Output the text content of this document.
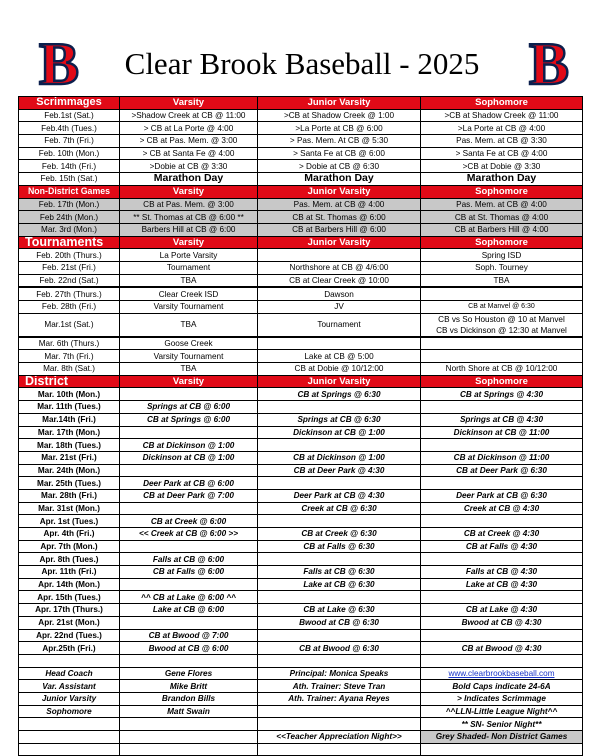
B	Clear Brook Baseball - 2025 B
Scrimmages	Varsity	Junior Varsity	Sophomore
Feb.1st (Sat.)	>Shadow Creek at CB @ 11:00	>CB at Shadow Creek @ 1:00	>CB at Shadow Creek @ 11:00
Feb.4th (Tues.)	> CB at La Porte @ 4:00	>La Porte at CB @ 6:00	>La Porte at CB @ 4:00
Feb. 7th (Fri.)	> CB at Pas. Mem. @ 3:00	> Pas. Mem. At CB @ 5:30	Pas. Mem. at CB @ 3:30
Feb. 10th (Mon.)	> CB at Santa Fe @ 4:00	> Santa Fe at CB @ 6:00	> Santa Fe at CB @ 4:00
Feb. 14th (Fri.)	>Dobie at CB @ 3:30	> Dobie at CB @ 6:30	>CB at Dobie @ 3:30
Feb. 15th (Sat.)	Marathon Day	Marathon Day	Marathon Day
Non-District Games	Varsity	Junior Varsity	Sophomore
Feb. 17th (Mon.)	CB at Pas. Mem. @ 3:00	Pas. Mem. at CB @ 4:00	Pas. Mem. at CB @ 4:00
Feb 24th (Mon.)	** St. Thomas at CB @ 6:00 **	CB at St. Thomas @ 6:00	CB at St. Thomas @ 4:00
Mar. 3rd (Mon.)	Barbers Hill at CB @ 6:00	CB at Barbers Hill @ 6:00	CB at Barbers Hill @ 4:00
Tournaments	Varsity	Junior Varsity	Sophomore
Feb. 20th (Thurs.)	La Porte Varsity		Spring ISD
Feb. 21st (Fri.)	Tournament	Northshore at CB @ 4/6:00	Soph. Tourney
Feb. 22nd (Sat.)	TBA	CB at Clear Creek @ 10:00	TBA
Feb. 27th (Thurs.)	Clear Creek ISD	Dawson	
Feb. 28th (Fri.)	Varsity Tournament	JV	CB at Manvel @ 6:30
Mar.1st (Sat.)	TBA	Tournament	CB vs So Houston @ 10 at Manvel
CB vs Dickinson @ 12:30 at Manvel

Mar. 6th (Thurs.)	Goose Creek		
Mar. 7th (Fri.)	Varsity Tournament	Lake at CB @ 5:00	
Mar. 8th (Sat.)	TBA	CB at Dobie @ 10/12:00	North Shore at CB @ 10/12:00
District	Varsity	Junior Varsity	Sophomore
Mar. 10th (Mon.)		CB at Springs @ 6:30	CB at Springs @ 4:30
Mar. 11th (Tues.)	Springs at CB @ 6:00		
Mar.14th (Fri.)	CB at Springs @ 6:00	Springs at CB @ 6:30	Springs at CB @ 4:30
Mar. 17th (Mon.)		Dickinson at CB @ 1:00	Dickinson at CB @ 11:00
Mar. 18th (Tues.)	CB at Dickinson @ 1:00		
Mar. 21st (Fri.)	Dickinson at CB @ 1:00	CB at Dickinson @ 1:00	CB at Dickinson @ 11:00
Mar. 24th (Mon.)		CB at Deer Park @ 4:30	CB at Deer Park @ 6:30
Mar. 25th (Tues.)	Deer Park at CB @ 6:00		
Mar. 28th (Fri.)	CB at Deer Park @ 7:00	Deer Park at CB @ 4:30	Deer Park at CB @ 6:30
Mar. 31st (Mon.)		Creek at CB @ 6:30	Creek at CB @ 4:30
Apr. 1st (Tues.)	CB at Creek @ 6:00		
Apr. 4th (Fri.)	<< Creek at CB @ 6:00 >>	CB at Creek @ 6:30	CB at Creek @ 4:30
Apr. 7th (Mon.)		CB at Falls @ 6:30	CB at Falls @ 4:30
Apr. 8th (Tues.)	Falls at CB @ 6:00		
Apr. 11th (Fri.)	CB at Falls @ 6:00	Falls at CB @ 6:30	Falls at CB @ 4:30
Apr. 14th (Mon.)		Lake at CB @ 6:30	Lake at CB @ 4:30
Apr. 15th (Tues.)	^^ CB at Lake @ 6:00 ^^		
Apr. 17th (Thurs.)	Lake at CB @ 6:00	CB at Lake @ 6:30	CB at Lake @ 4:30
Apr. 21st (Mon.)		Bwood at CB @ 6:30	Bwood at CB @ 4:30
Apr. 22nd (Tues.)	CB at Bwood @ 7:00		
Apr.25th (Fri.)	Bwood at CB @ 6:00	CB at Bwood @ 6:30	CB at Bwood @ 4:30

Head Coach	Gene Flores	Principal: Monica Speaks	www.clearbrookbaseball.com
Var. Assistant	Mike Britt	Ath. Trainer: Steve Tran	Bold Caps indicate 24-6A
Junior Varsity	Brandon Bills	Ath. Trainer: Ayana Reyes	> Indicates Scrimmage
Sophomore	Matt Swain		^^LLN-Little League Night^^
			** SN- Senior Night**
		<<Teacher Appreciation Night>>	Grey Shaded- Non District Games
